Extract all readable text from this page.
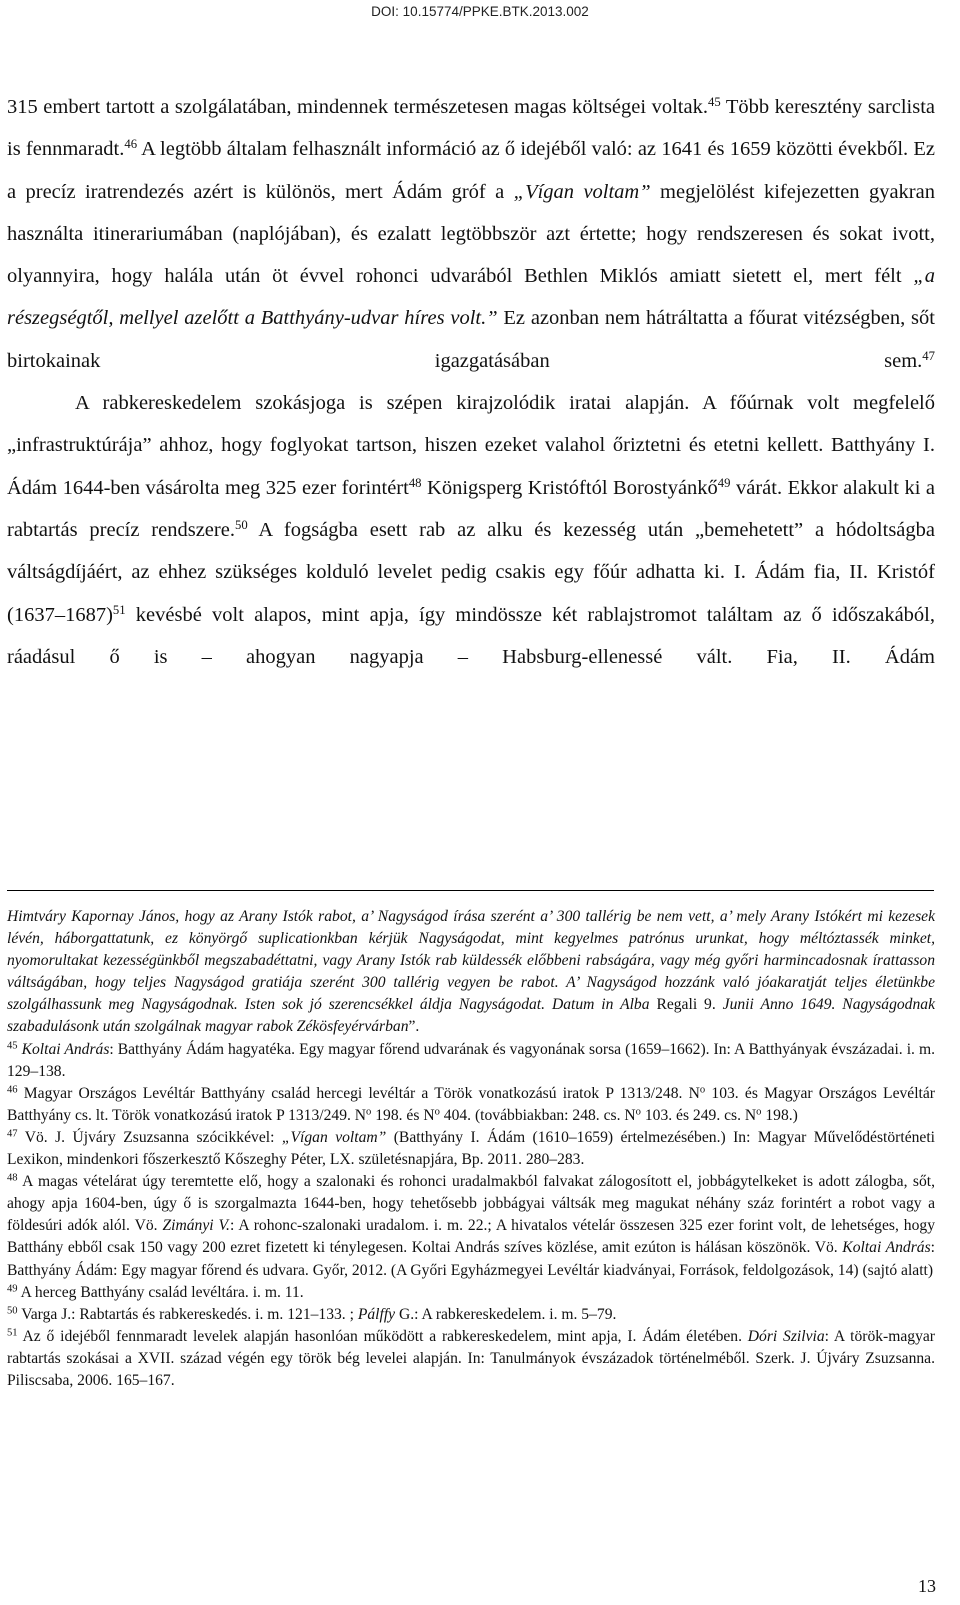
DOI: 10.15774/PPKE.BTK.2013.002

315 embert tartott a szolgálatában, mindennek természetesen magas költségei voltak.$^{45}$ Több keresztény sarclista is fennmaradt.$^{46}$ A legtöbb általam felhasznált információ az ő idejéből való: az 1641 és 1659 közötti évekből. Ez a precíz iratrendezés azért is különös, mert Ádám gróf a „Vígan voltam” megjelölést kifejezetten gyakran használta itinerariumában (naplójában), és ezalatt legtöbbször azt értette; hogy rendszeresen és sokat ivott, olyannyira, hogy halála után öt évvel rohonci udvarából Bethlen Miklós amiatt sietett el, mert félt „a részegségtől, mellyel azelőtt a Batthyány-udvar híres volt.” Ez azonban nem hátráltatta a főurat vitézségben, sőt birtokainak igazgatásában sem.$^{47}$

A rabkereskedelem szokásjoga is szépen kirajzolódik iratai alapján. A főúrnak volt megfelelő „infrastruktúrája” ahhoz, hogy foglyokat tartson, hiszen ezeket valahol őriztetni és etetni kellett. Batthyány I. Ádám 1644-ben vásárolta meg 325 ezer forintért$^{48}$ Königsperg Kristóftól Borostyánkő$^{49}$ várát. Ekkor alakult ki a rabtartás precíz rendszere.$^{50}$ A fogságba esett rab az alku és kezesség után „bemehetett” a hódoltságba váltságdíjáért, az ehhez szükséges kolduló levelet pedig csakis egy főúr adhatta ki. I. Ádám fia, II. Kristóf (1637–1687)$^{51}$ kevésbé volt alapos, mint apja, így mindössze két rablajstromot találtam az ő időszakából, ráadásul ő is – ahogyan nagyapja – Habsburg-ellenessé vált. Fia, II. Ádám

Himtváry Kapornay János, hogy az Arany Istók rabot, a’ Nagyságod írása szerént a’ 300 tallérig be nem vett, a’ mely Arany Istókért mi kezesek lévén, háborgattatunk, ez könyörgő suplicationkban kérjük Nagyságodat, mint kegyelmes patrónus urunkat, hogy méltóztassék minket, nyomorultakat kezességünkből megszabadéttatni, vagy Arany Istók rab küldessék előbbeni rabságára, vagy még győri harmincadosnak írattasson váltságában, hogy teljes Nagyságod gratiája szerént 300 tallérig vegyen be rabot. A’ Nagyságod hozzánk való jóakaratját teljes életünkbe szolgálhassunk meg Nagyságodnak. Isten sok jó szerencsékkel áldja Nagyságodat. Datum in Alba Regali 9. Junii Anno 1649. Nagyságodnak szabadulásonk után szolgálnak magyar rabok Zékösfeyérvárban”.

$^{45}$ Koltai András: Batthyány Ádám hagyatéka. Egy magyar főrend udvarának és vagyonának sorsa (1659–1662). In: A Batthyányak évszázadai. i. m. 129–138.

$^{46}$ Magyar Országos Levéltár Batthyány család hercegi levéltár a Török vonatkozású iratok P 1313/248. $N^o$ 103. és Magyar Országos Levéltár Batthyány cs. lt. Török vonatkozású iratok P 1313/249. $N^o$ 198. és $N^o$ 404. (továbbiakban: 248. cs. $N^o$ 103. és 249. cs. $N^o$ 198.)

$^{47}$ Vö. J. Újváry Zsuzsanna szócikkével: „Vígan voltam” (Batthyány I. Ádám (1610–1659) értelmezésében.) In: Magyar Művelődéstörténeti Lexikon, mindenkori főszerkesztő Kőszeghy Péter, LX. születésnapjára, Bp. 2011. 280–283.

$^{48}$ A magas vételárat úgy teremtette elő, hogy a szalonaki és rohonci uradalmakból falvakat zálogosított el, jobbágytelkeket is adott zálogba, sőt, ahogy apja 1604-ben, úgy ő is szorgalmazta 1644-ben, hogy tehetősebb jobbágyai váltsák meg magukat néhány száz forintért a robot vagy a földesúri adók alól. Vö. Zimányi V.: A rohonc-szalonaki uradalom. i. m. 22.; A hivatalos vételár összesen 325 ezer forint volt, de lehetséges, hogy Batthány ebből csak 150 vagy 200 ezret fizetett ki ténylegesen. Koltai András szíves közlése, amit ezúton is hálásan köszönök. Vö. Koltai András: Batthyány Ádám: Egy magyar főrend és udvara. Győr, 2012. (A Győri Egyházmegyei Levéltár kiadványai, Források, feldolgozások, 14) (sajtó alatt)

$^{49}$ A herceg Batthyány család levéltára. i. m. 11.

$^{50}$ Varga J.: Rabtartás és rabkereskedés. i. m. 121–133. ; Pálffy G.: A rabkereskedelem. i. m. 5–79.

$^{51}$ Az ő idejéből fennmaradt levelek alapján hasonlóan működött a rabkereskedelem, mint apja, I. Ádám életében. Dóri Szilvia: A török-magyar rabtartás szokásai a XVII. század végén egy török bég levelei alapján. In: Tanulmányok évszázadok történelméből. Szerk. J. Újváry Zsuzsanna. Piliscsaba, 2006. 165–167.

13
